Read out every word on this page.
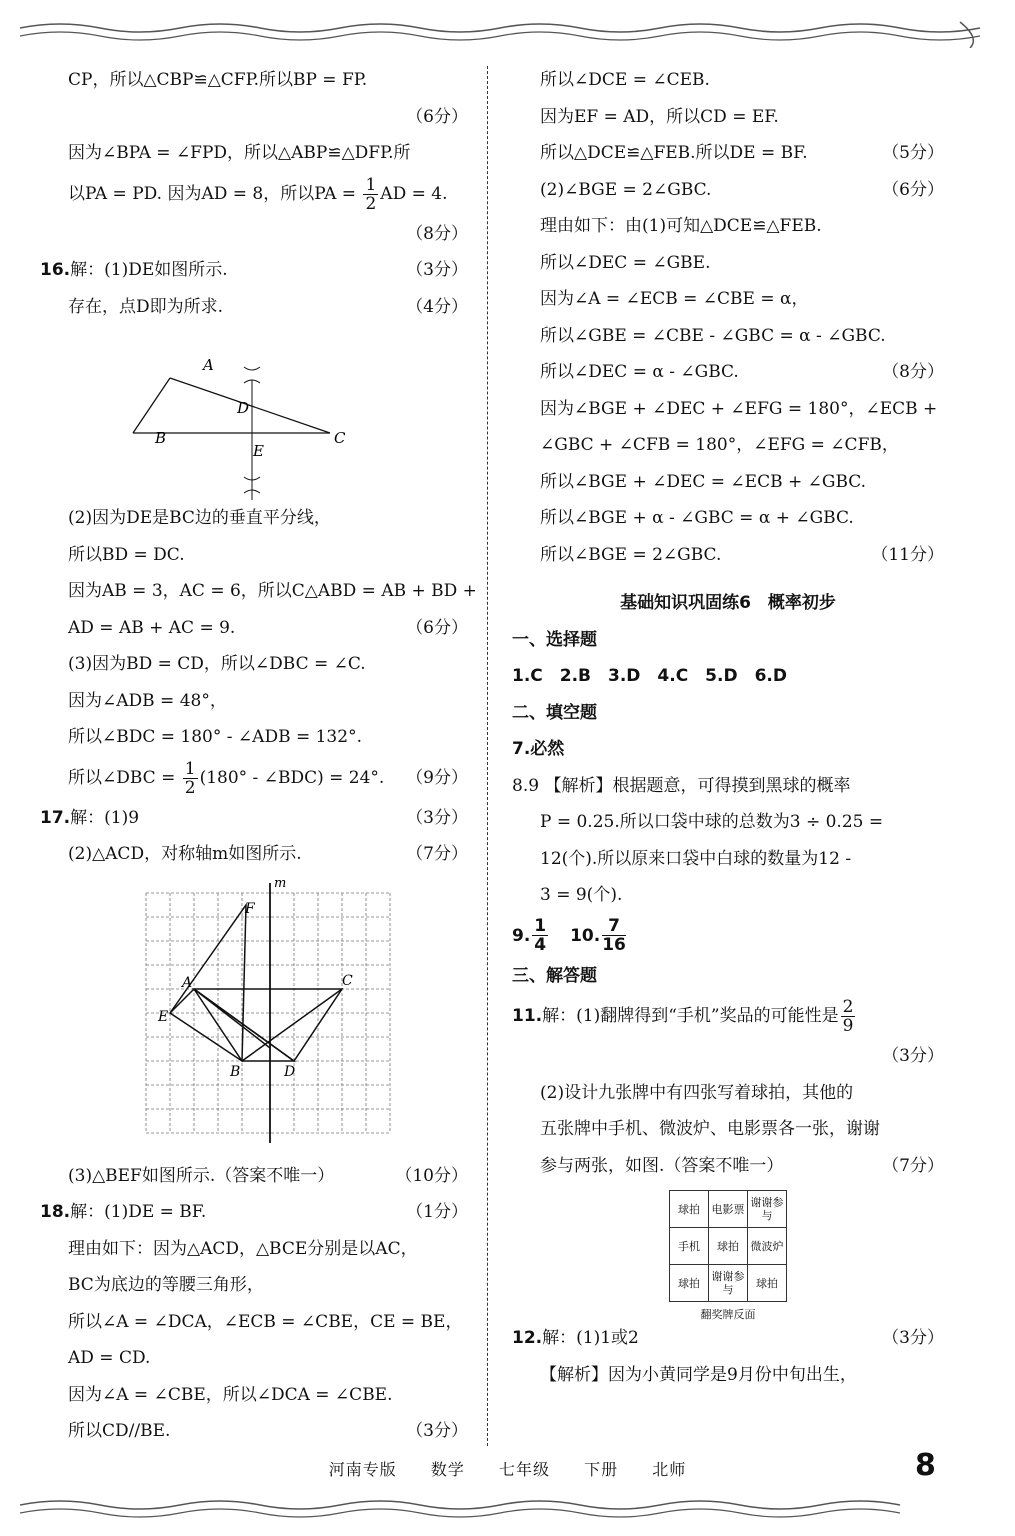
CP，所以△CBP≌△CFP.所以BP = FP.
（6分）
因为∠BPA = ∠FPD，所以△ABP≌△DFP.所
以PA = PD. 因为AD = 8，所以PA = $\frac{1}{2}$ AD = 4.
（8分）
16.解：(1)DE如图所示.	（3分）
存在，点D即为所求.	（4分）
A
B	C
D
E
(2)因为DE是BC边的垂直平分线，
所以BD = DC.
因为AB = 3，AC = 6，所以C△ABD = AB + BD +
AD = AB + AC = 9.	（6分）
(3)因为BD = CD，所以∠DBC = ∠C.
因为∠ADB = 48°，
所以∠BDC = 180° - ∠ADB = 132°.
所以∠DBC = $\frac{1}{2} (180^\circ$ - ∠BDC) = 24°. （9分）
17.解：(1)9	（3分）
(2)△ACD，对称轴m如图所示.	（7分）
m
F
A	C
E
B	D
(3)△BEF如图所示.（答案不唯一）	（10分）
18.解：(1)DE = BF.	（1分）
理由如下：因为△ACD，△BCE分别是以AC，
BC为底边的等腰三角形，
所以∠A = ∠DCA，∠ECB = ∠CBE，CE = BE，
AD = CD.
因为∠A = ∠CBE，所以∠DCA = ∠CBE.
所以CD//BE.	（3分）
所以∠DCE = ∠CEB.
因为EF = AD，所以CD = EF.
所以△DCE≌△FEB.所以DE = BF.	（5分）
(2)∠BGE = 2∠GBC.	（6分）
理由如下：由(1)可知△DCE≌△FEB.
所以∠DEC = ∠GBE.
因为∠A = ∠ECB = ∠CBE = α，
所以∠GBE = ∠CBE - ∠GBC = α - ∠GBC.
所以∠DEC = α - ∠GBC.	（8分）
因为∠BGE + ∠DEC + ∠EFG = 180°，∠ECB +
∠GBC + ∠CFB = 180°，∠EFG = ∠CFB，
所以∠BGE + ∠DEC = ∠ECB + ∠GBC.
所以∠BGE + α - ∠GBC = α + ∠GBC.
所以∠BGE = 2∠GBC.	（11分）
基础知识巩固练6　概率初步
一、选择题
1.C　2.B　3.D　4.C　5.D　6.D
二、填空题
7.必然
8.9 【解析】根据题意，可得摸到黑球的概率
P = 0.25.所以口袋中球的总数为3 ÷ 0.25 =
12(个).所以原来口袋中白球的数量为12 -
3 = 9(个).
9. $\frac{1}{4} 10$. $\frac{7}{16}$
三、解答题
11.解：(1)翻牌得到“手机”奖品的可能性是 $\frac{2}{9}$
（3分）
(2)设计九张牌中有四张写着球拍，其他的
五张牌中手机、微波炉、电影票各一张，谢谢
参与两张，如图.（答案不唯一）	（7分）
球拍	电影票	谢谢参与
手机	球拍	微波炉
球拍	谢谢参与	球拍
翻奖牌反面
12.解：(1)1或2	（3分）
【解析】因为小黄同学是9月份中旬出生，
河南专版 数学 七年级 下册 北师	8
